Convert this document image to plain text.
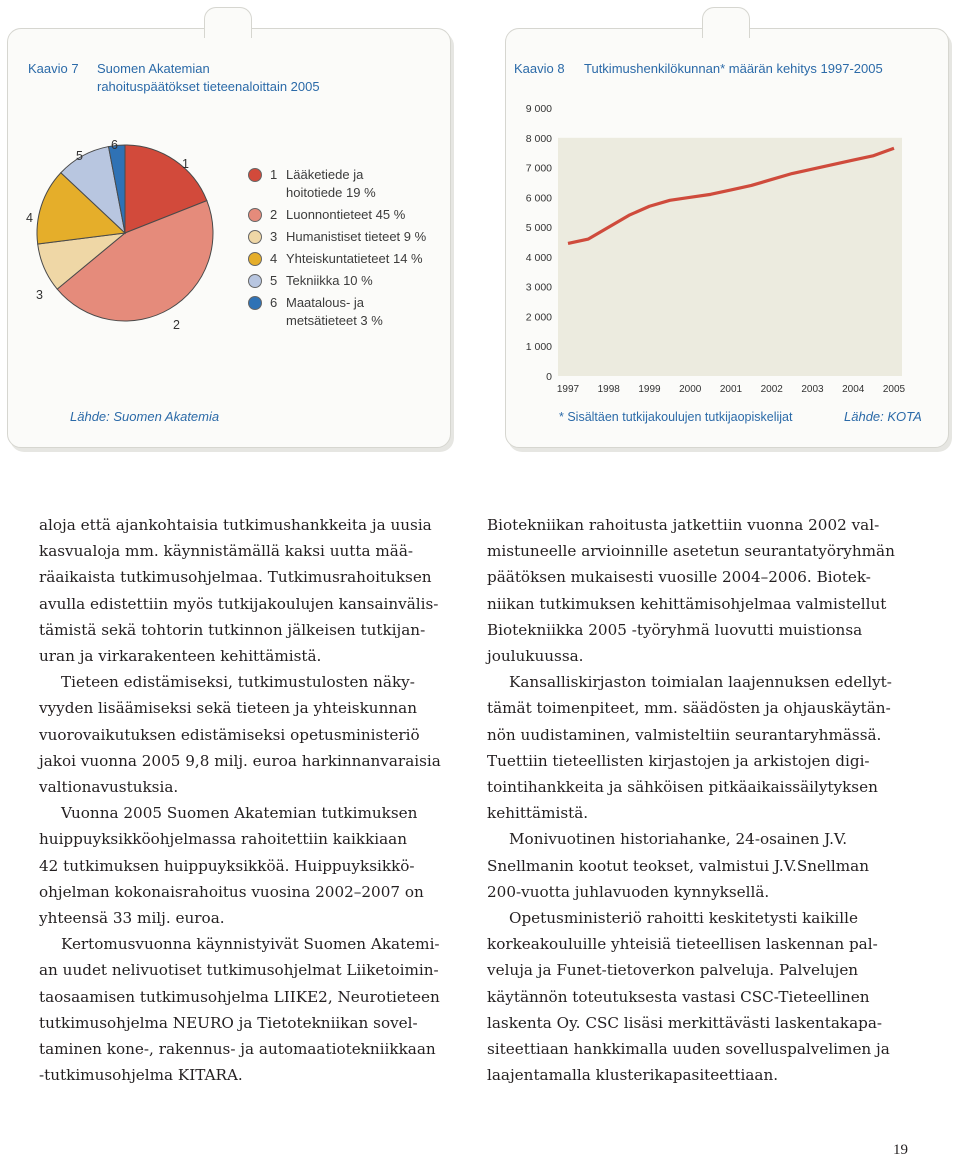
Kaavio 7 Suomen Akatemian
rahoituspäätökset tieteenaloittain 2005
1
2
3
4
5
6
1 Lääketiede ja
hoitotiede 19 %
2 Luonnontieteet 45 %
3 Humanistiset tieteet 9 %
4 Yhteiskuntatieteet 14 %
5 Tekniikka 10 %
6 Maatalous- ja
metsätieteet 3 %
Lähde: Suomen Akatemia
Kaavio 8 Tutkimushenkilökunnan* määrän kehitys 1997-2005
0
1 000
2 000
3 000
4 000
5 000
6 000
7 000
8 000
9 000
1997 1998 1999 2000 2001 2002 2003 2004 2005
* Sisältäen tutkijakoulujen tutkijaopiskelijat	Lähde: KOTA

aloja että ajankohtaisia tutkimushankkeita ja uusia
kasvualoja mm. käynnistämällä kaksi uutta mää-
räaikaista tutkimusohjelmaa. Tutkimusrahoituksen
avulla edistettiin myös tutkijakoulujen kansainvälis-
tämistä sekä tohtorin tutkinnon jälkeisen tutkijan-
uran ja virkarakenteen kehittämistä.

Tieteen edistämiseksi, tutkimustulosten näky-
vyyden lisäämiseksi sekä tieteen ja yhteiskunnan
vuorovaikutuksen edistämiseksi opetusministeriö
jakoi vuonna 2005 9,8 milj. euroa harkinnanvaraisia
valtionavustuksia.

Vuonna 2005 Suomen Akatemian tutkimuksen
huippuyksikköohjelmassa rahoitettiin kaikkiaan
42 tutkimuksen huippuyksikköä. Huippuyksikkö-
ohjelman kokonaisrahoitus vuosina 2002–2007 on
yhteensä 33 milj. euroa.

Kertomusvuonna käynnistyivät Suomen Akatemi-
an uudet nelivuotiset tutkimusohjelmat Liiketoimin-
taosaamisen tutkimusohjelma LIIKE2, Neurotieteen
tutkimusohjelma NEURO ja Tietotekniikan sovel-
taminen kone-, rakennus- ja automaatiotekniikkaan
-tutkimusohjelma KITARA.

Biotekniikan rahoitusta jatkettiin vuonna 2002 val-
mistuneelle arvioinnille asetetun seurantatyöryhmän
päätöksen mukaisesti vuosille 2004–2006. Biotek-
niikan tutkimuksen kehittämisohjelmaa valmistellut
Biotekniikka 2005 -työryhmä luovutti muistionsa
joulukuussa.

Kansalliskirjaston toimialan laajennuksen edellyt-
tämät toimenpiteet, mm. säädösten ja ohjauskäytän-
nön uudistaminen, valmisteltiin seurantaryhmässä.
Tuettiin tieteellisten kirjastojen ja arkistojen digi-
tointihankkeita ja sähköisen pitkäaikaissäilytyksen
kehittämistä.

Monivuotinen historiahanke, 24-osainen J.V.
Snellmanin kootut teokset, valmistui J.V.Snellman
200-vuotta juhlavuoden kynnyksellä.

Opetusministeriö rahoitti keskitetysti kaikille
korkeakouluille yhteisiä tieteellisen laskennan pal-
veluja ja Funet-tietoverkon palveluja. Palvelujen
käytännön toteutuksesta vastasi CSC-Tieteellinen
laskenta Oy. CSC lisäsi merkittävästi laskentakapa-
siteettiaan hankkimalla uuden sovelluspalvelimen ja
laajentamalla klusterikapasiteettiaan.

19
